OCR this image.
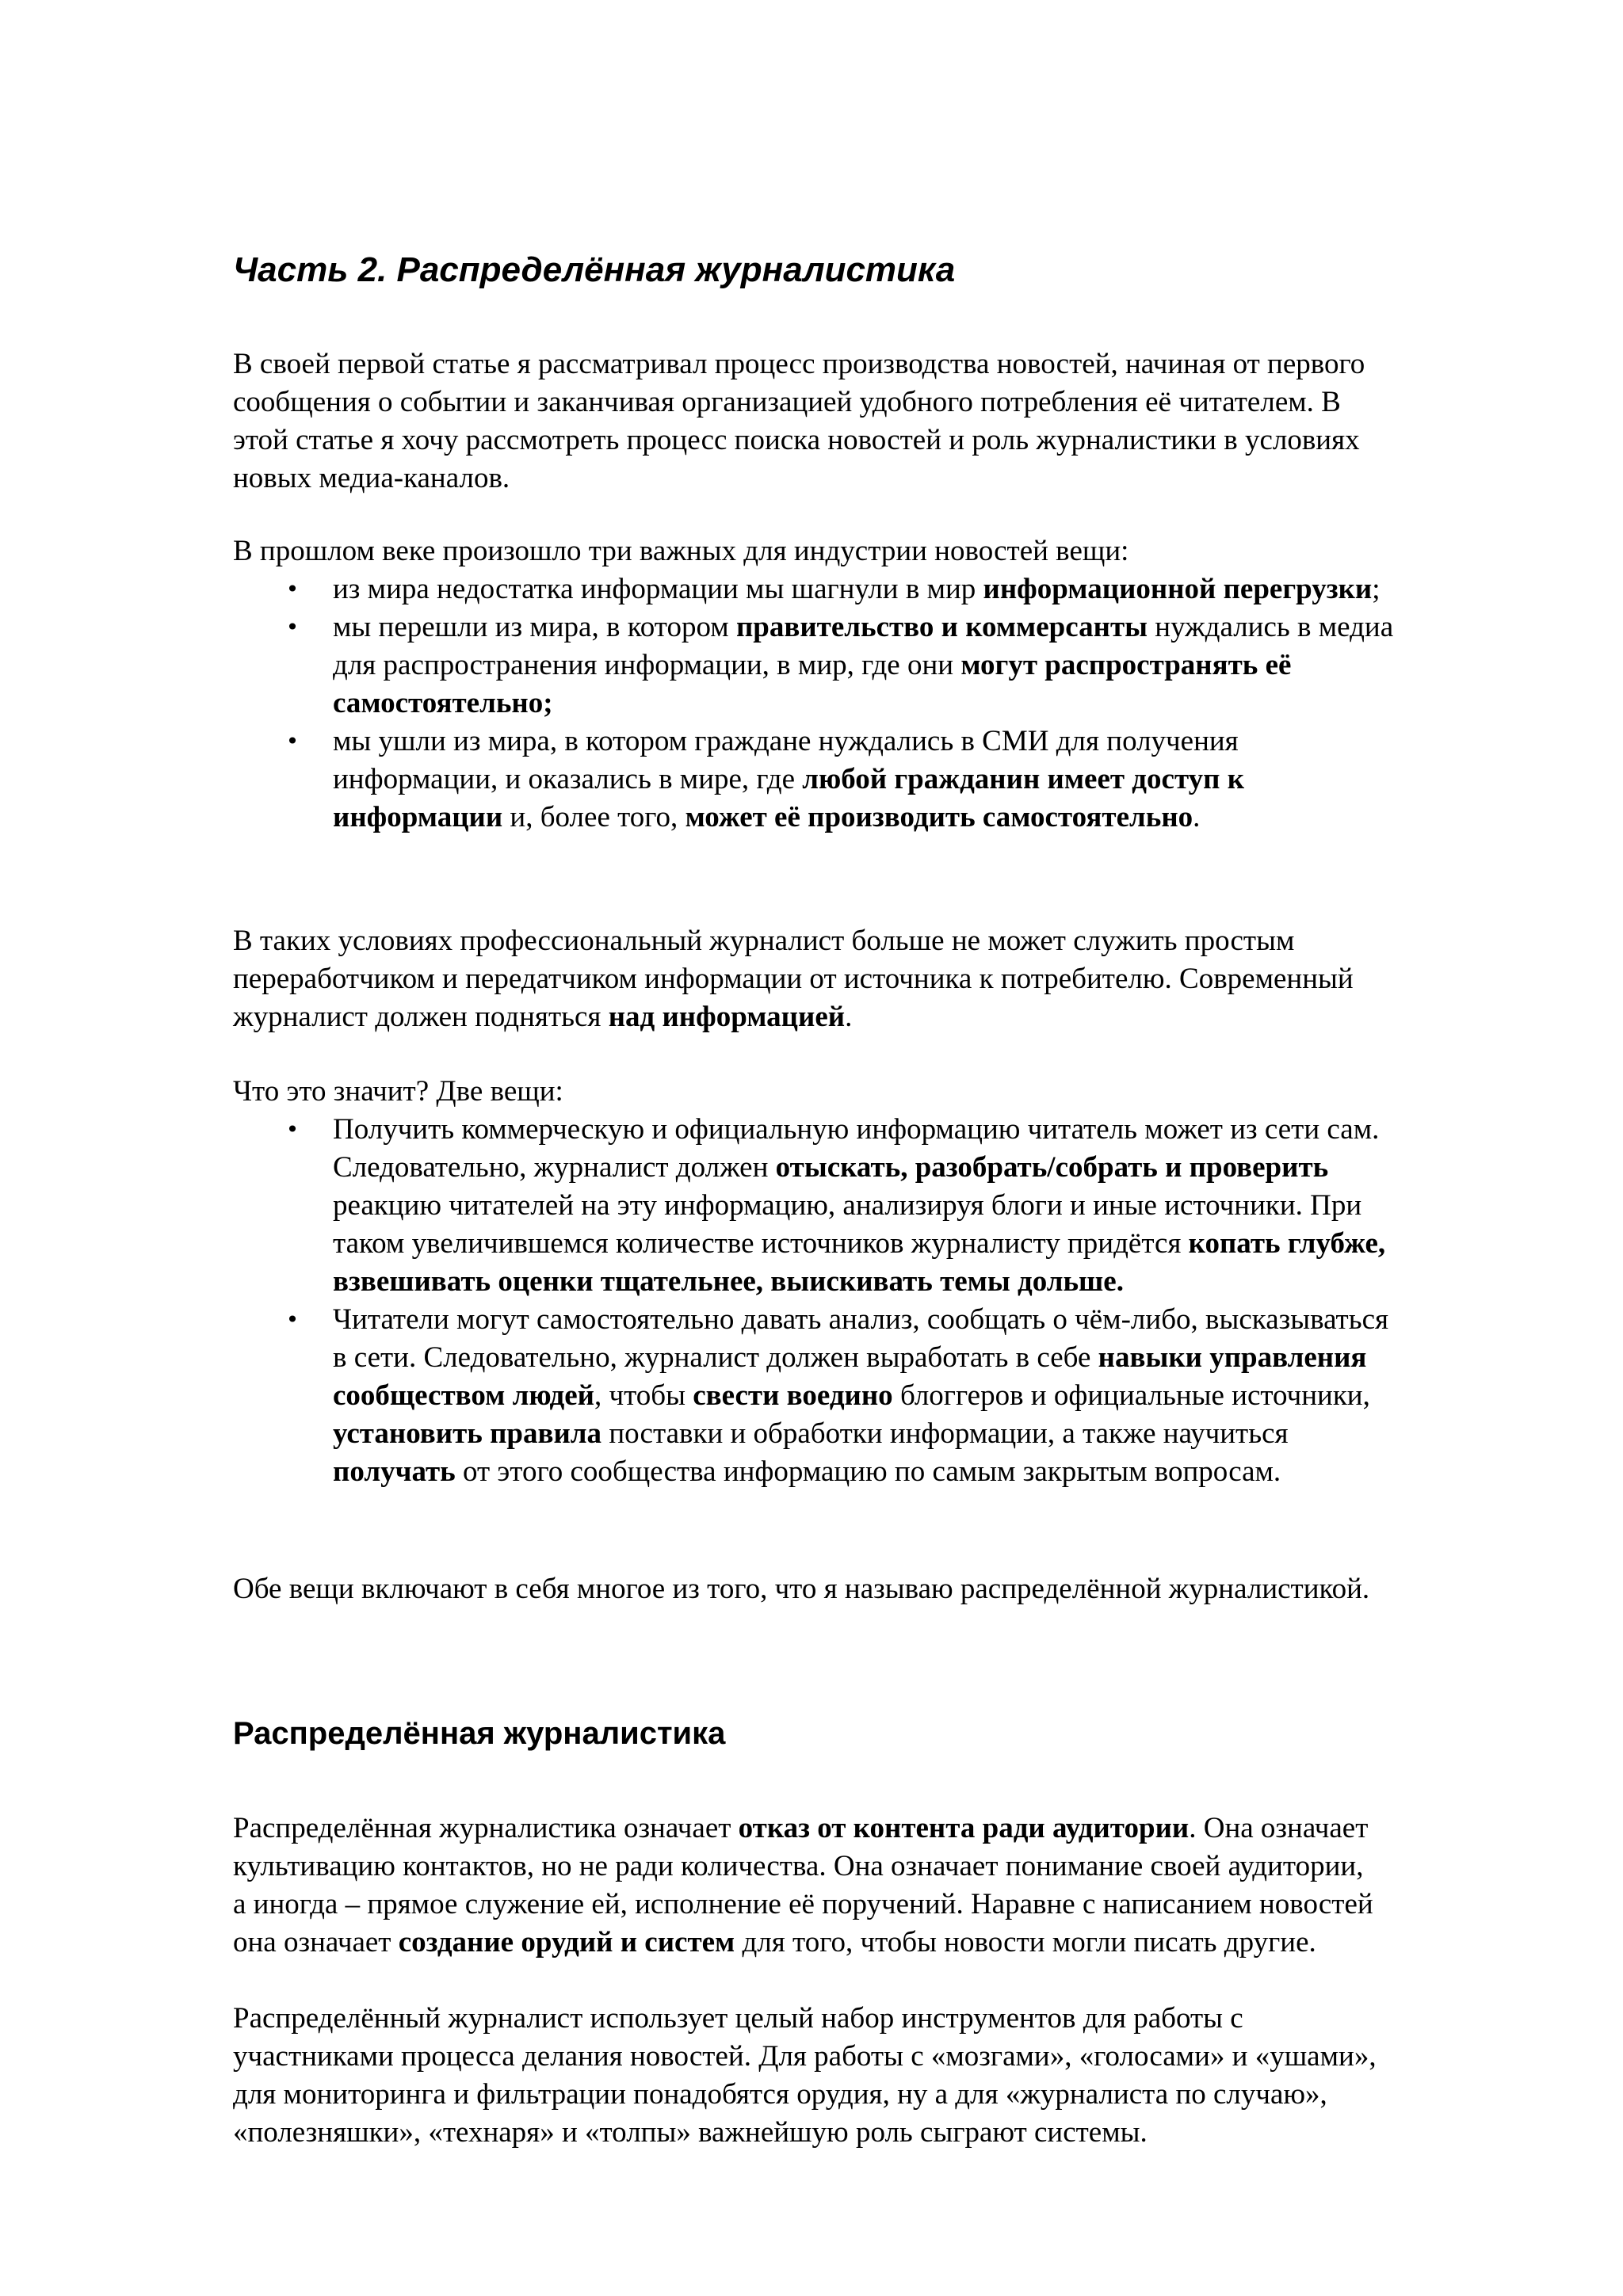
Часть 2. Распределённая журналистика

В своей первой статье я рассматривал процесс производства новостей, начиная от первого
сообщения о событии и заканчивая организацией удобного потребления её читателем. В
этой статье я хочу рассмотреть процесс поиска новостей и роль журналистики в условиях
новых медиа-каналов.

В прошлом веке произошло три важных для индустрии новостей вещи:

• из мира недостатка информации мы шагнули в мир информационной перегрузки;
• мы перешли из мира, в котором правительство и коммерсанты нуждались в медиа
для распространения информации, в мир, где они могут распространять её
самостоятельно;
• мы ушли из мира, в котором граждане нуждались в СМИ для получения
информации, и оказались в мире, где любой гражданин имеет доступ к
информации и, более того, может её производить самостоятельно.

В таких условиях профессиональный журналист больше не может служить простым
переработчиком и передатчиком информации от источника к потребителю. Современный
журналист должен подняться над информацией.

Что это значит? Две вещи:

• Получить коммерческую и официальную информацию читатель может из сети сам.
Следовательно, журналист должен отыскать, разобрать/собрать и проверить
реакцию читателей на эту информацию, анализируя блоги и иные источники. При
таком увеличившемся количестве источников журналисту придётся копать глубже,
взвешивать оценки тщательнее, выискивать темы дольше.
• Читатели могут самостоятельно давать анализ, сообщать о чём-либо, высказываться
в сети. Следовательно, журналист должен выработать в себе навыки управления
сообществом людей, чтобы свести воедино блоггеров и официальные источники,
установить правила поставки и обработки информации, а также научиться
получать от этого сообщества информацию по самым закрытым вопросам.

Обе вещи включают в себя многое из того, что я называю распределённой журналистикой.

Распределённая журналистика

Распределённая журналистика означает отказ от контента ради аудитории. Она означает
культивацию контактов, но не ради количества. Она означает понимание своей аудитории,
а иногда – прямое служение ей, исполнение её поручений. Наравне с написанием новостей
она означает создание орудий и систем для того, чтобы новости могли писать другие.

Распределённый журналист использует целый набор инструментов для работы с
участниками процесса делания новостей. Для работы с «мозгами», «голосами» и «ушами»,
для мониторинга и фильтрации понадобятся орудия, ну а для «журналиста по случаю»,
«полезняшки», «технаря» и «толпы» важнейшую роль сыграют системы.
